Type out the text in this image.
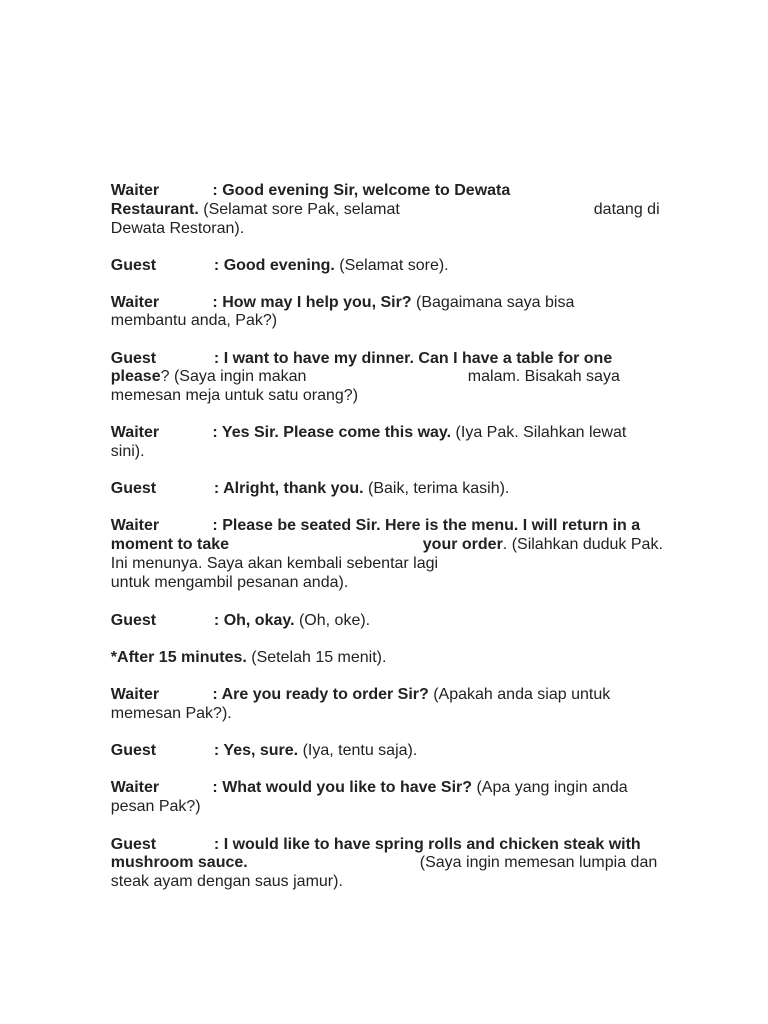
Waiter            : Good evening Sir, welcome to Dewata

Restaurant. (Selamat sore Pak, selamat
	datang di

Dewata Restoran).

Guest             : Good evening. (Selamat sore).

Waiter            : How may I help you, Sir? (Bagaimana saya bisa

membantu anda, Pak?)

Guest             : I want to have my dinner. Can I have a table for one

please? (Saya ingin makan
	malam. Bisakah saya

memesan meja untuk satu orang?)

Waiter            : Yes Sir. Please come this way. (Iya Pak. Silahkan lewat

sini).

Guest             : Alright, thank you. (Baik, terima kasih).

Waiter            : Please be seated Sir. Here is the menu. I will return in a

moment to take
	your order. (Silahkan duduk Pak.

Ini menunya. Saya akan kembali sebentar lagi

untuk mengambil pesanan anda).

Guest             : Oh, okay. (Oh, oke).

*After 15 minutes. (Setelah 15 menit).

Waiter            : Are you ready to order Sir? (Apakah anda siap untuk

memesan Pak?).

Guest             : Yes, sure. (Iya, tentu saja).

Waiter            : What would you like to have Sir? (Apa yang ingin anda

pesan Pak?)

Guest             : I would like to have spring rolls and chicken steak with

mushroom sauce.
	(Saya ingin memesan lumpia dan

steak ayam dengan saus jamur).
